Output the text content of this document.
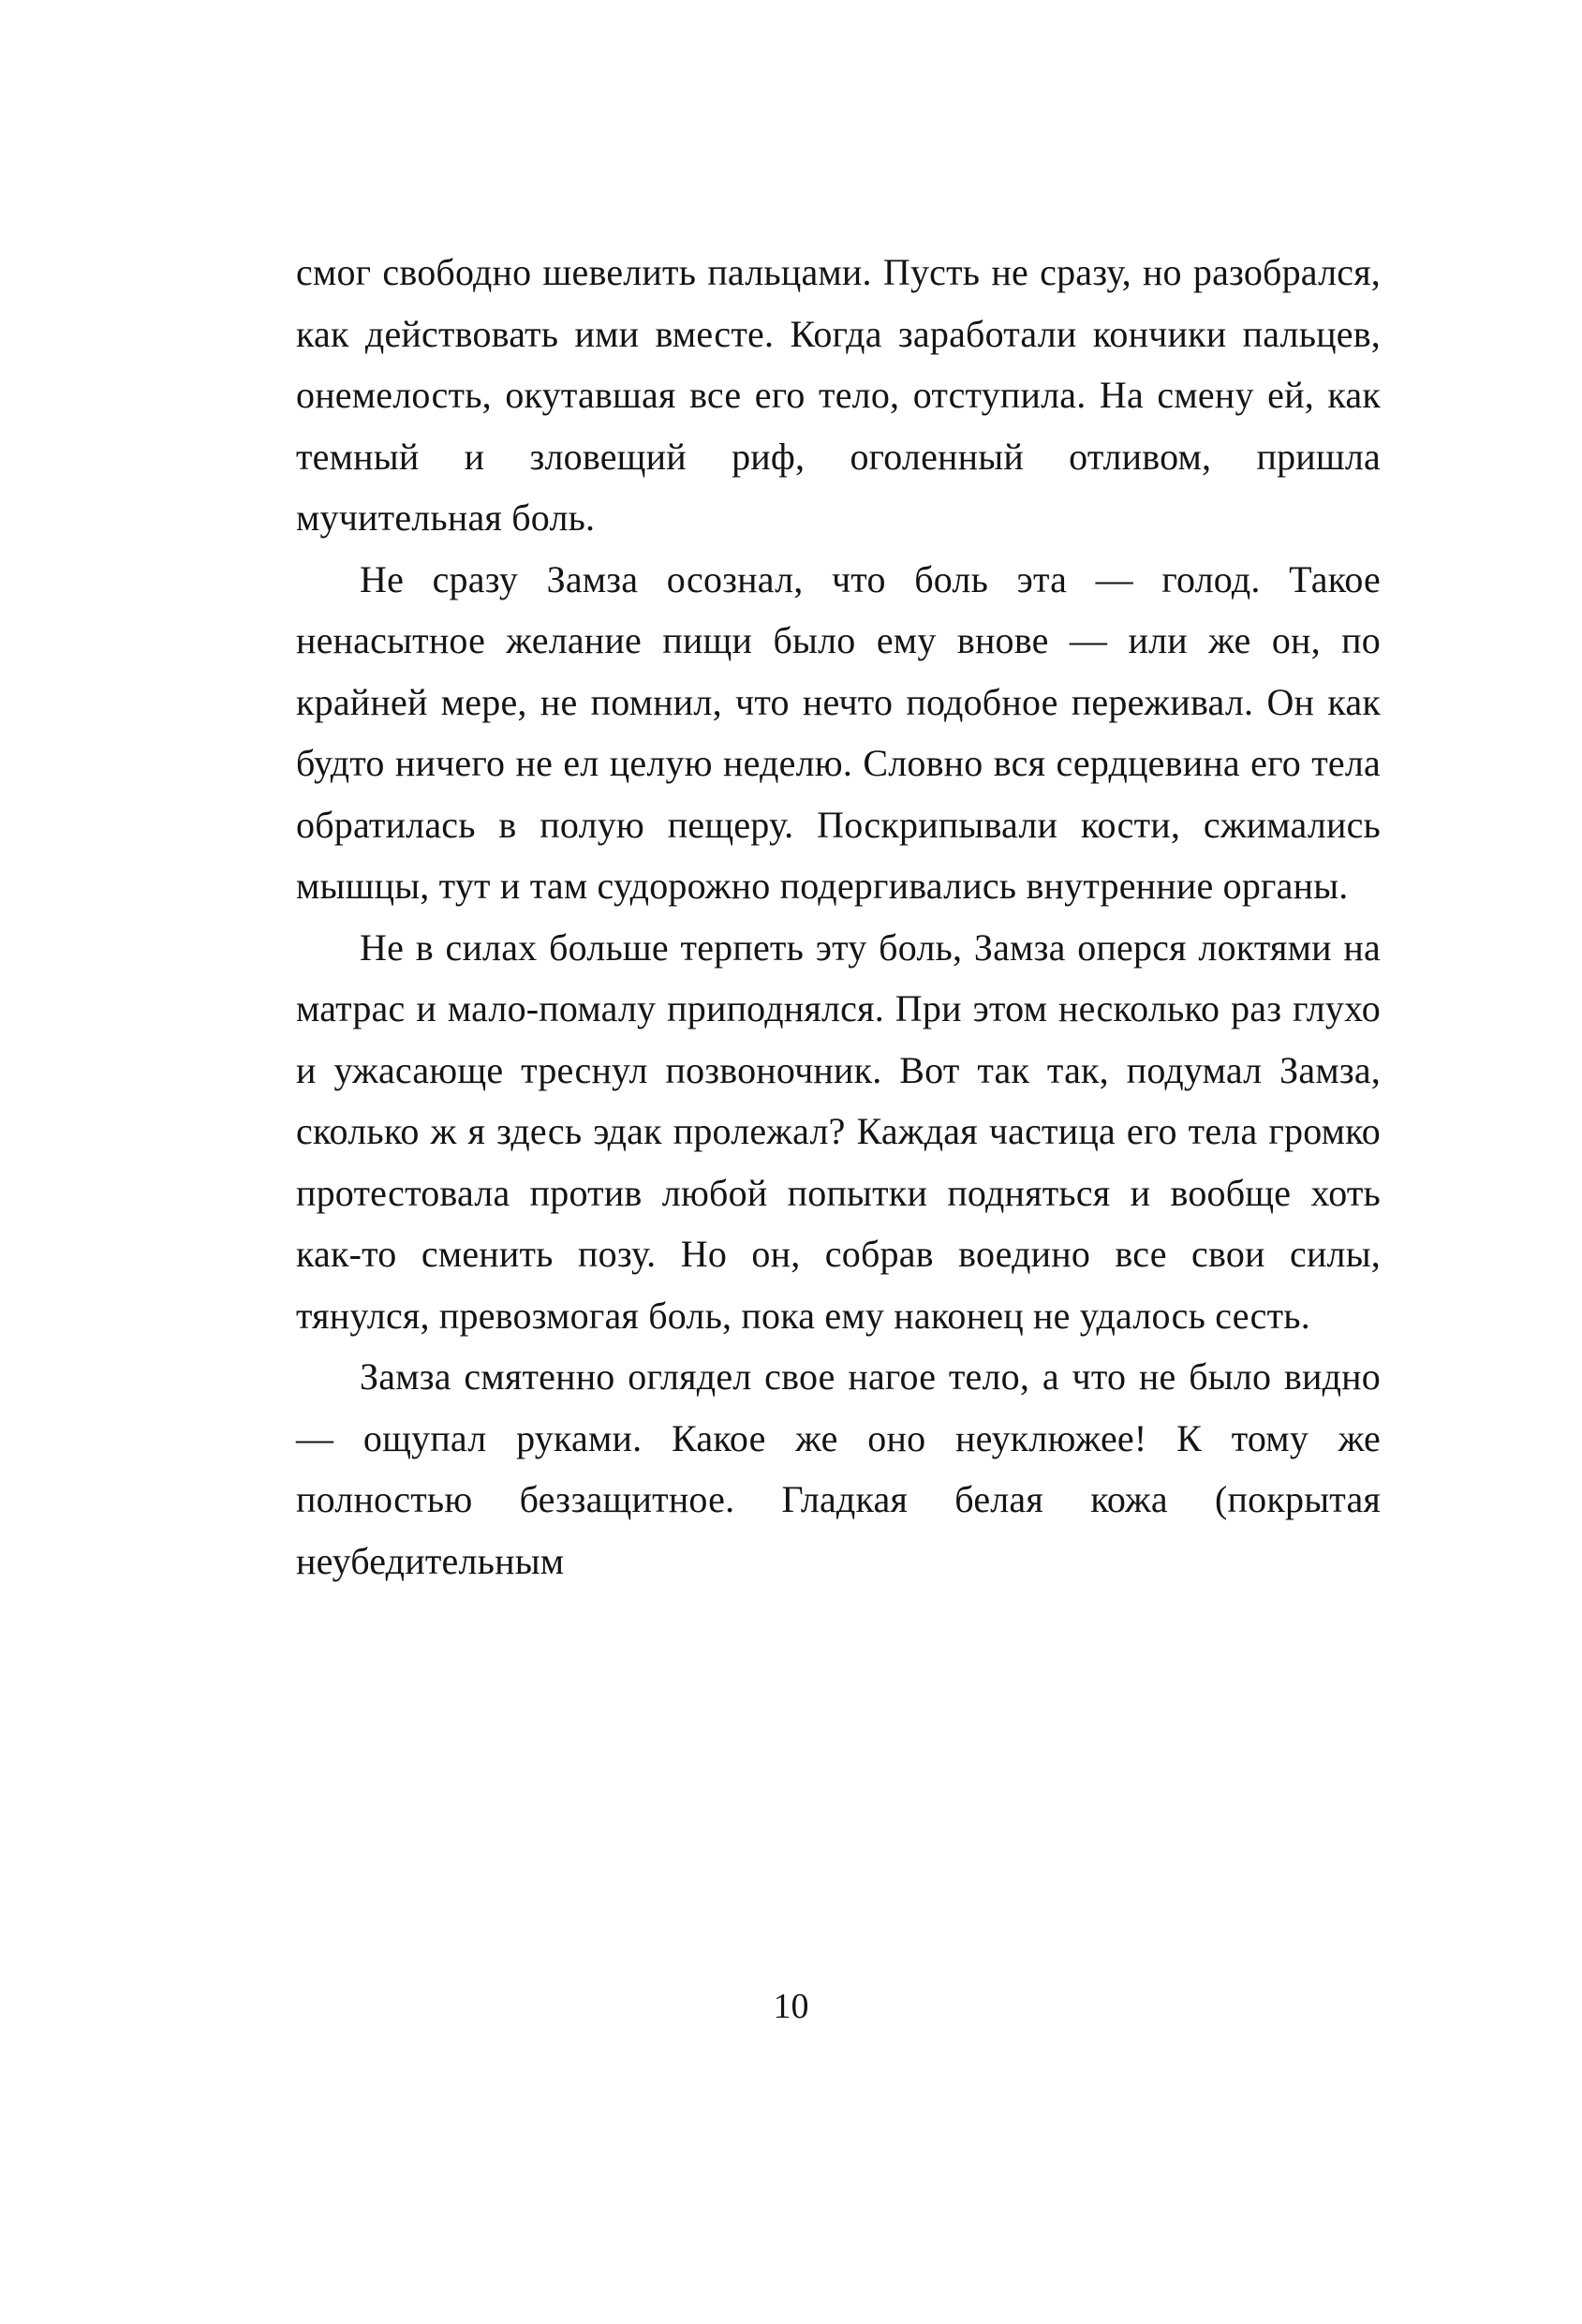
смог свободно шевелить пальцами. Пусть не сразу, но разобрался, как действовать ими вместе. Когда заработали кончики пальцев, онемелость, окутавшая все его тело, отступила. На смену ей, как темный и зловещий риф, оголенный отливом, пришла мучительная боль.

Не сразу Замза осознал, что боль эта — голод. Такое ненасытное желание пищи было ему внове — или же он, по крайней мере, не помнил, что нечто подобное переживал. Он как будто ничего не ел целую неделю. Словно вся сердцевина его тела обратилась в полую пещеру. Поскрипывали кости, сжимались мышцы, тут и там судорожно подергивались внутренние органы.

Не в силах больше терпеть эту боль, Замза оперся локтями на матрас и мало-помалу приподнялся. При этом несколько раз глухо и ужасающе треснул позвоночник. Вот так так, подумал Замза, сколько ж я здесь эдак пролежал? Каждая частица его тела громко протестовала против любой попытки подняться и вообще хоть как-то сменить позу. Но он, собрав воедино все свои силы, тянулся, превозмогая боль, пока ему наконец не удалось сесть.

Замза смятенно оглядел свое нагое тело, а что не было видно — ощупал руками. Какое же оно неуклюжее! К тому же полностью беззащитное. Гладкая белая кожа (покрытая неубедительным

10
